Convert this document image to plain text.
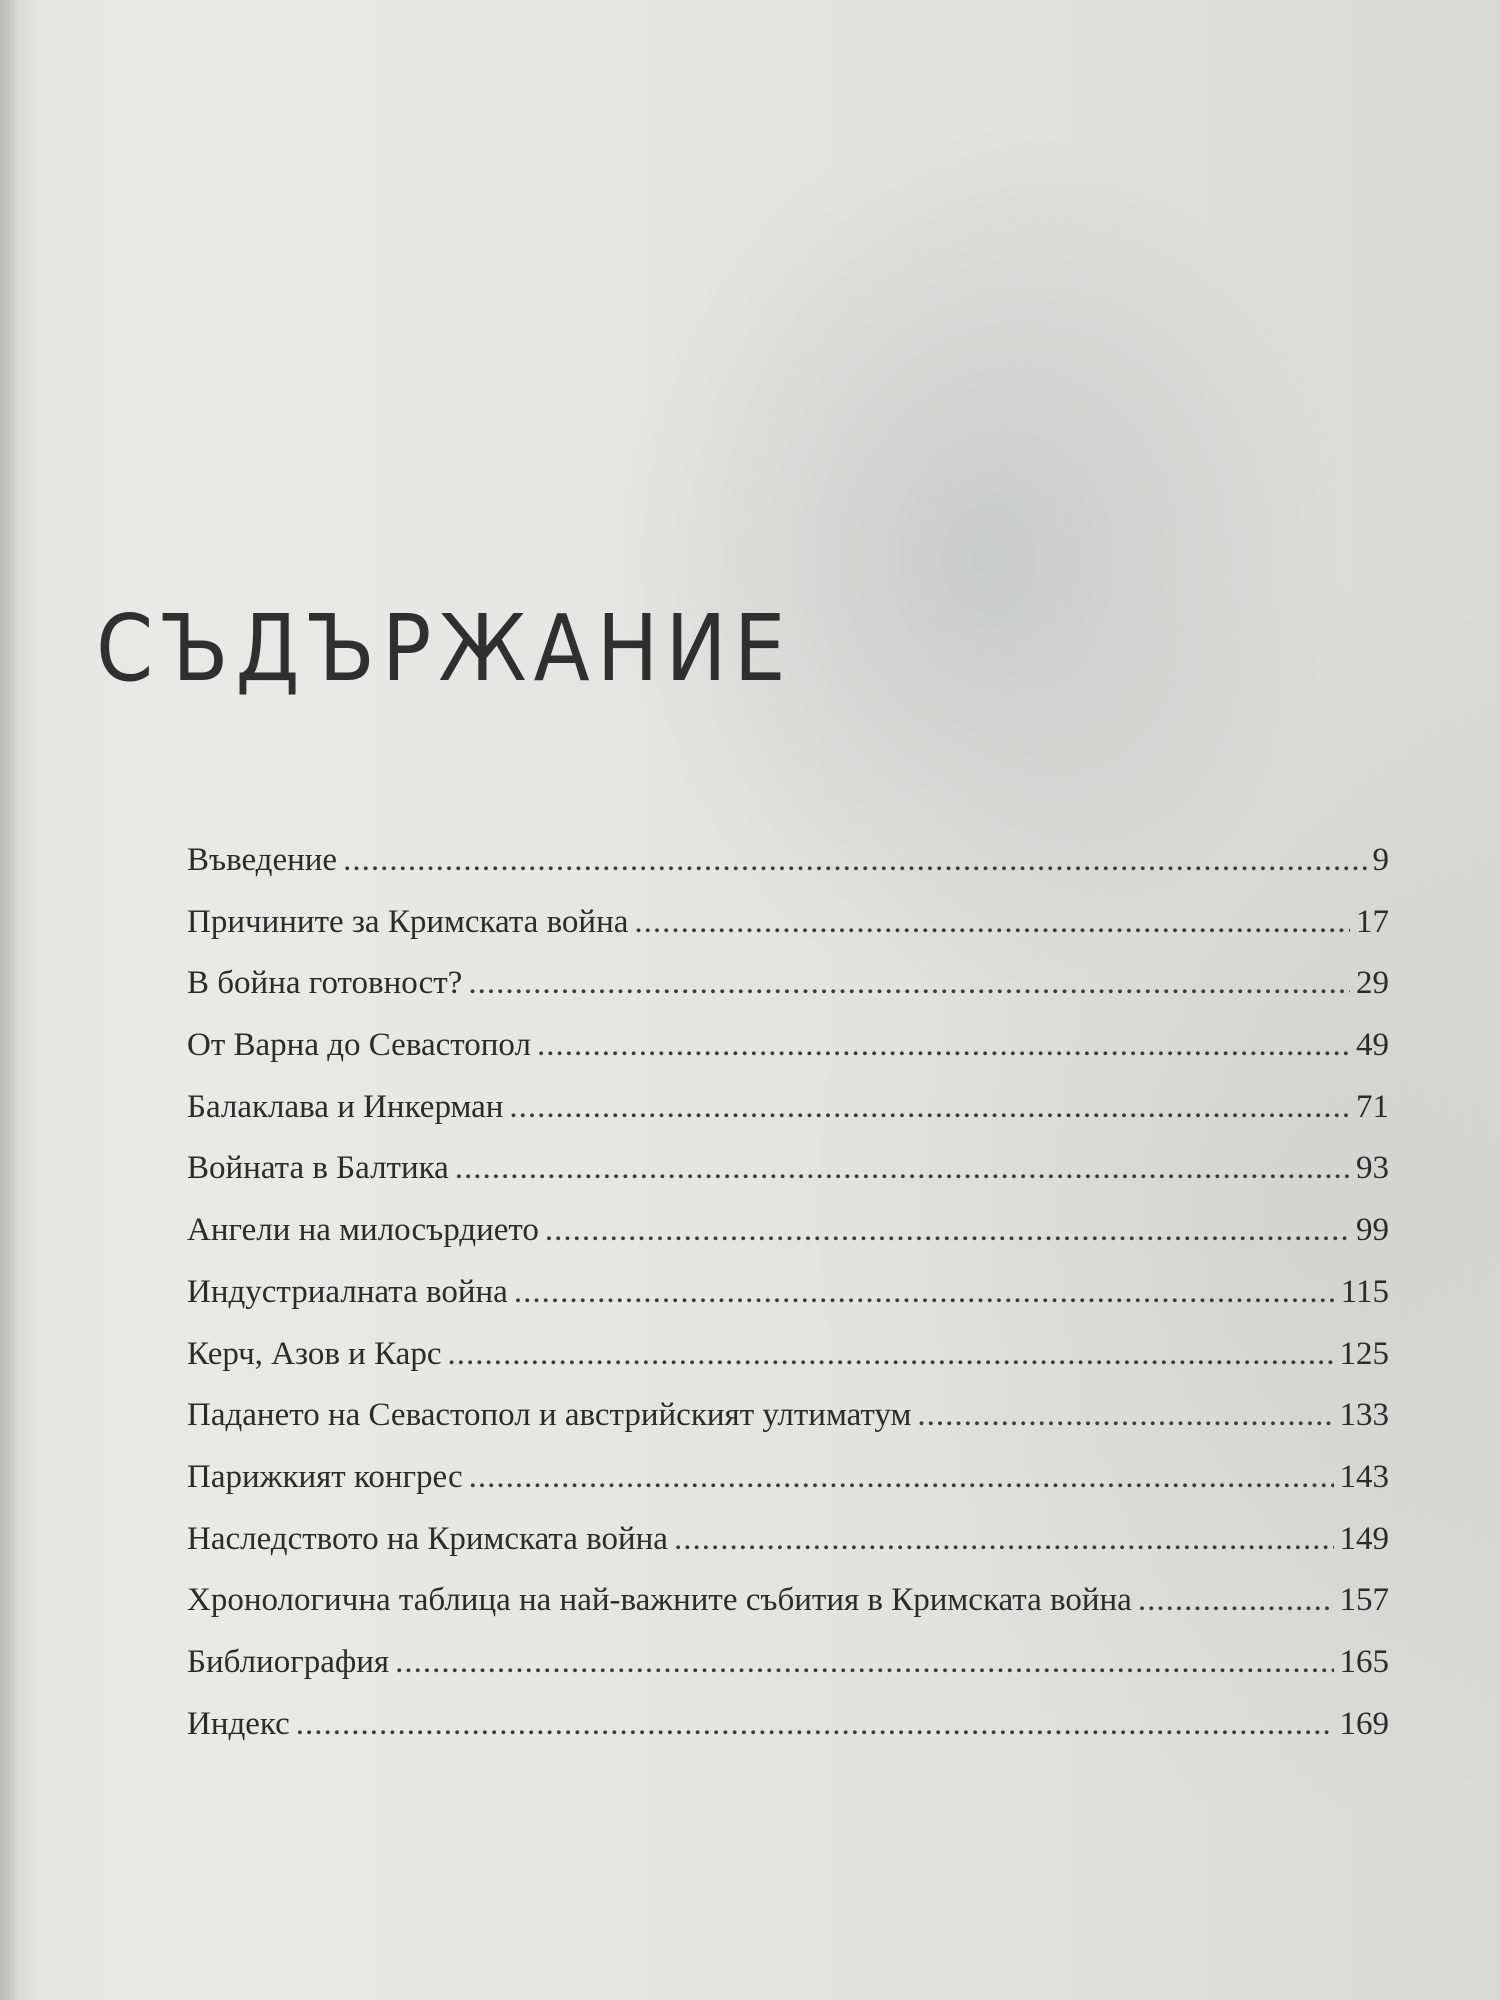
СЪДЪРЖАНИЕ
Въведение .....	9
Причините за Кримската война .....	17
В бойна готовност? .....	29
От Варна до Севастопол .....	49
Балаклава и Инкерман .....	71
Войната в Балтика .....	93
Ангели на милосърдието .....	99
Индустриалната война .....	115
Керч, Азов и Карс .....	125
Падането на Севастопол и австрийският ултиматум .....	133
Парижкият конгрес .....	143
Наследството на Кримската война .....	149
Хронологична таблица на най-важните събития в Кримската война .....	157
Библиография .....	165
Индекс .....	169
